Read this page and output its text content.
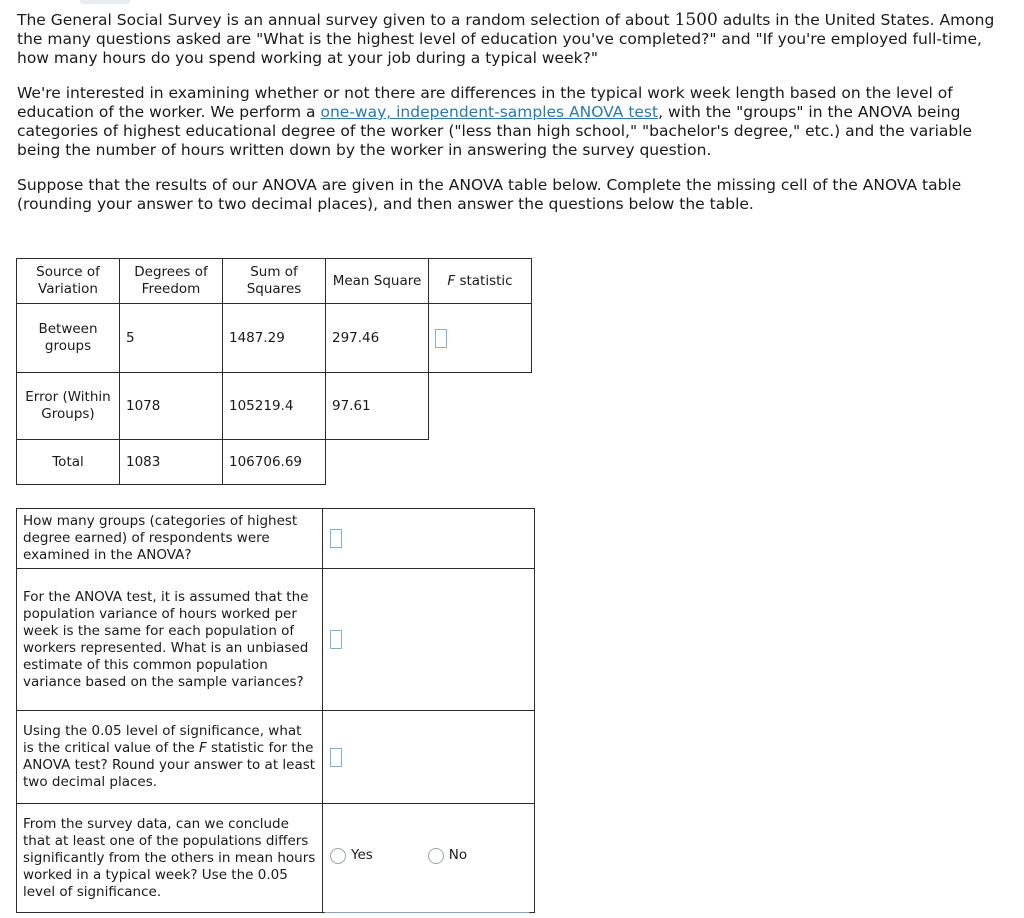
The General Social Survey is an annual survey given to a random selection of about 1500 adults in the United States. Among the many questions asked are "What is the highest level of education you've completed?" and "If you're employed full-time, how many hours do you spend working at your job during a typical week?"

We're interested in examining whether or not there are differences in the typical work week length based on the level of education of the worker. We perform a one-way, independent-samples ANOVA test, with the "groups" in the ANOVA being categories of highest educational degree of the worker ("less than high school," "bachelor's degree," etc.) and the variable being the number of hours written down by the worker in answering the survey question.

Suppose that the results of our ANOVA are given in the ANOVA table below. Complete the missing cell of the ANOVA table (rounding your answer to two decimal places), and then answer the questions below the table.

Source of Variation	Degrees of Freedom	Sum of Squares	Mean Square	F statistic
Between groups	5	1487.29	297.46	
Error (Within Groups)	1078	105219.4	97.61	
Total	1083	106706.69		
How many groups (categories of highest degree earned) of respondents were examined in the ANOVA?	
For the ANOVA test, it is assumed that the population variance of hours worked per week is the same for each population of workers represented. What is an unbiased estimate of this common population variance based on the sample variances?	
Using the 0.05 level of significance, what is the critical value of the F statistic for the ANOVA test? Round your answer to at least two decimal places.	
From the survey data, can we conclude that at least one of the populations differs significantly from the others in mean hours worked in a typical week? Use the 0.05 level of significance.	Yes No
